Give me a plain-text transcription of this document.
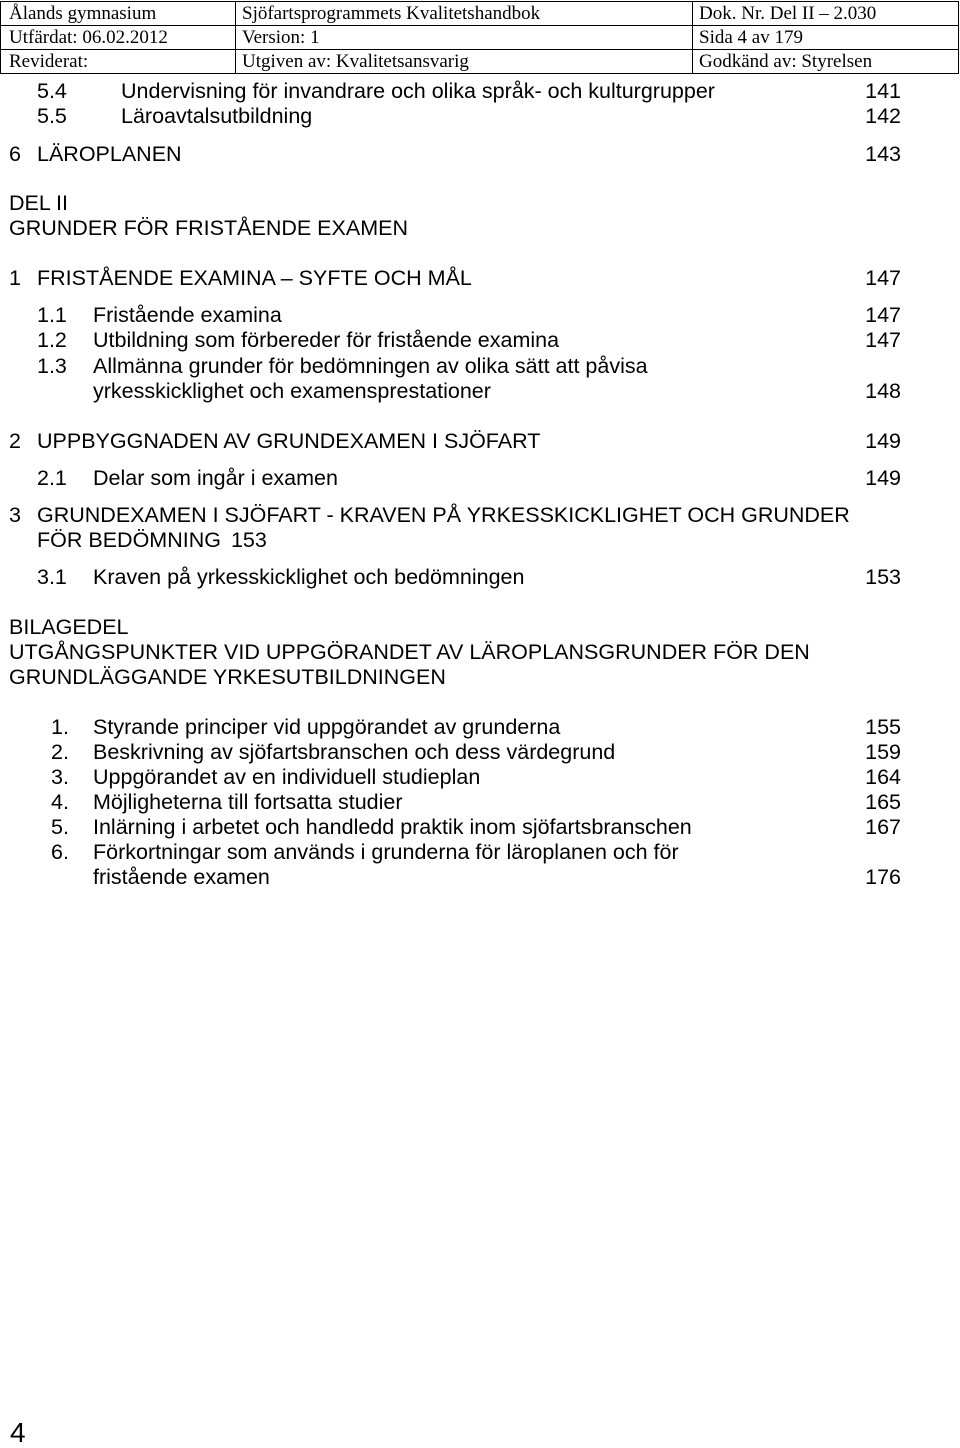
Ålands gymnasium	Sjöfartsprogrammets Kvalitetshandbok	Dok. Nr. Del II – 2.030
Utfärdat: 06.02.2012	Version: 1	Sida 4 av 179
Reviderat:	Utgiven av: Kvalitetsansvarig	Godkänd av: Styrelsen
5.4	Undervisning för invandrare och olika språk- och kulturgrupper	141
5.5	Läroavtalsutbildning	142
6 LÄROPLANEN	143
DEL II
GRUNDER FÖR FRISTÅENDE EXAMEN
1 FRISTÅENDE EXAMINA – SYFTE OCH MÅL	147
1.1 Fristående examina	147
1.2 Utbildning som förbereder för fristående examina	147
1.3 Allmänna grunder för bedömningen av olika sätt att påvisa
yrkesskicklighet och examensprestationer	148
2 UPPBYGGNADEN AV GRUNDEXAMEN I SJÖFART	149
2.1 Delar som ingår i examen	149
3 GRUNDEXAMEN I SJÖFART - KRAVEN PÅ YRKESSKICKLIGHET OCH GRUNDER
FÖR BEDÖMNING 153
3.1 Kraven på yrkesskicklighet och bedömningen	153
BILAGEDEL
UTGÅNGSPUNKTER VID UPPGÖRANDET AV LÄROPLANSGRUNDER FÖR DEN
GRUNDLÄGGANDE YRKESUTBILDNINGEN
1. Styrande principer vid uppgörandet av grunderna	155
2. Beskrivning av sjöfartsbranschen och dess värdegrund	159
3. Uppgörandet av en individuell studieplan	164
4. Möjligheterna till fortsatta studier	165
5. Inlärning i arbetet och handledd praktik inom sjöfartsbranschen	167
6. Förkortningar som används i grunderna för läroplanen och för
fristående examen	176
4
